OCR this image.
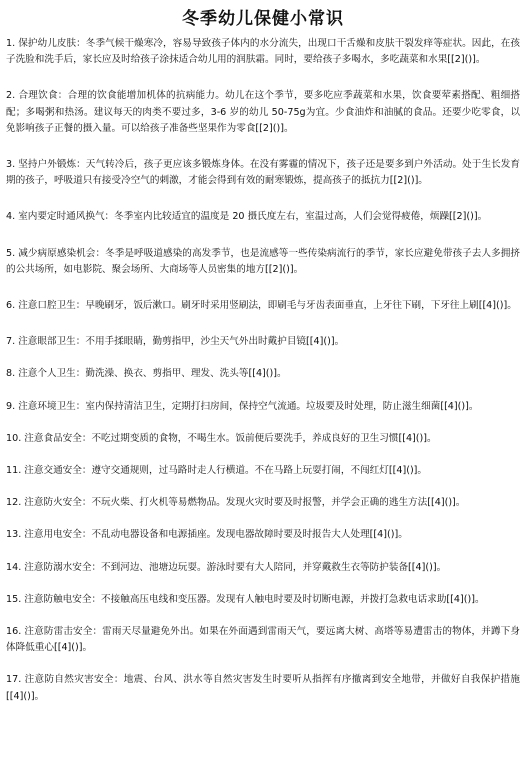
冬季幼儿保健小常识

1. 保护幼儿皮肤：冬季气候干燥寒冷，容易导致孩子体内的水分流失，出现口干舌燥和皮肤干裂发痒等症状。因此，在孩子洗脸和洗手后，家长应及时给孩子涂抹适合幼儿用的润肤霜。同时，要给孩子多喝水，多吃蔬菜和水果[[2]()]。

2. 合理饮食：合理的饮食能增加机体的抗病能力。幼儿在这个季节，要多吃应季蔬菜和水果，饮食要荤素搭配、粗细搭配；多喝粥和热汤。建议每天的肉类不要过多，3-6 岁的幼儿 50-75g为宜。少食油炸和油腻的食品。还要少吃零食，以免影响孩子正餐的摄入量。可以给孩子准备些坚果作为零食[[2]()]。

3. 坚持户外锻炼：天气转冷后，孩子更应该多锻炼身体。在没有雾霾的情况下，孩子还是要多到户外活动。处于生长发育期的孩子，呼吸道只有接受冷空气的刺激，才能会得到有效的耐寒锻炼，提高孩子的抵抗力[[2]()]。

4. 室内要定时通风换气：冬季室内比较适宜的温度是 20 摄氏度左右，室温过高，人们会觉得疲倦，烦躁[[2]()]。

5. 减少病原感染机会：冬季是呼吸道感染的高发季节，也是流感等一些传染病流行的季节，家长应避免带孩子去人多拥挤的公共场所，如电影院、聚会场所、大商场等人员密集的地方[[2]()]。

6. 注意口腔卫生：早晚刷牙，饭后漱口。刷牙时采用竖刷法，即刷毛与牙齿表面垂直，上牙往下刷，下牙往上刷[[4]()]。

7. 注意眼部卫生：不用手揉眼睛，勤剪指甲，沙尘天气外出时戴护目镜[[4]()]。

8. 注意个人卫生：勤洗澡、换衣、剪指甲、理发、洗头等[[4]()]。

9. 注意环境卫生：室内保持清洁卫生，定期打扫房间，保持空气流通。垃圾要及时处理，防止滋生细菌[[4]()]。

10. 注意食品安全：不吃过期变质的食物，不喝生水。饭前便后要洗手，养成良好的卫生习惯[[4]()]。

11. 注意交通安全：遵守交通规则，过马路时走人行横道。不在马路上玩耍打闹，不闯红灯[[4]()]。

12. 注意防火安全：不玩火柴、打火机等易燃物品。发现火灾时要及时报警，并学会正确的逃生方法[[4]()]。

13. 注意用电安全：不乱动电器设备和电源插座。发现电器故障时要及时报告大人处理[[4]()]。

14. 注意防溺水安全：不到河边、池塘边玩耍。游泳时要有大人陪同，并穿戴救生衣等防护装备[[4]()]。

15. 注意防触电安全：不接触高压电线和变压器。发现有人触电时要及时切断电源，并拨打急救电话求助[[4]()]。

16. 注意防雷击安全：雷雨天尽量避免外出。如果在外面遇到雷雨天气，要远离大树、高塔等易遭雷击的物体，并蹲下身体降低重心[[4]()]。

17. 注意防自然灾害安全：地震、台风、洪水等自然灾害发生时要听从指挥有序撤离到安全地带，并做好自我保护措施[[4]()]。
